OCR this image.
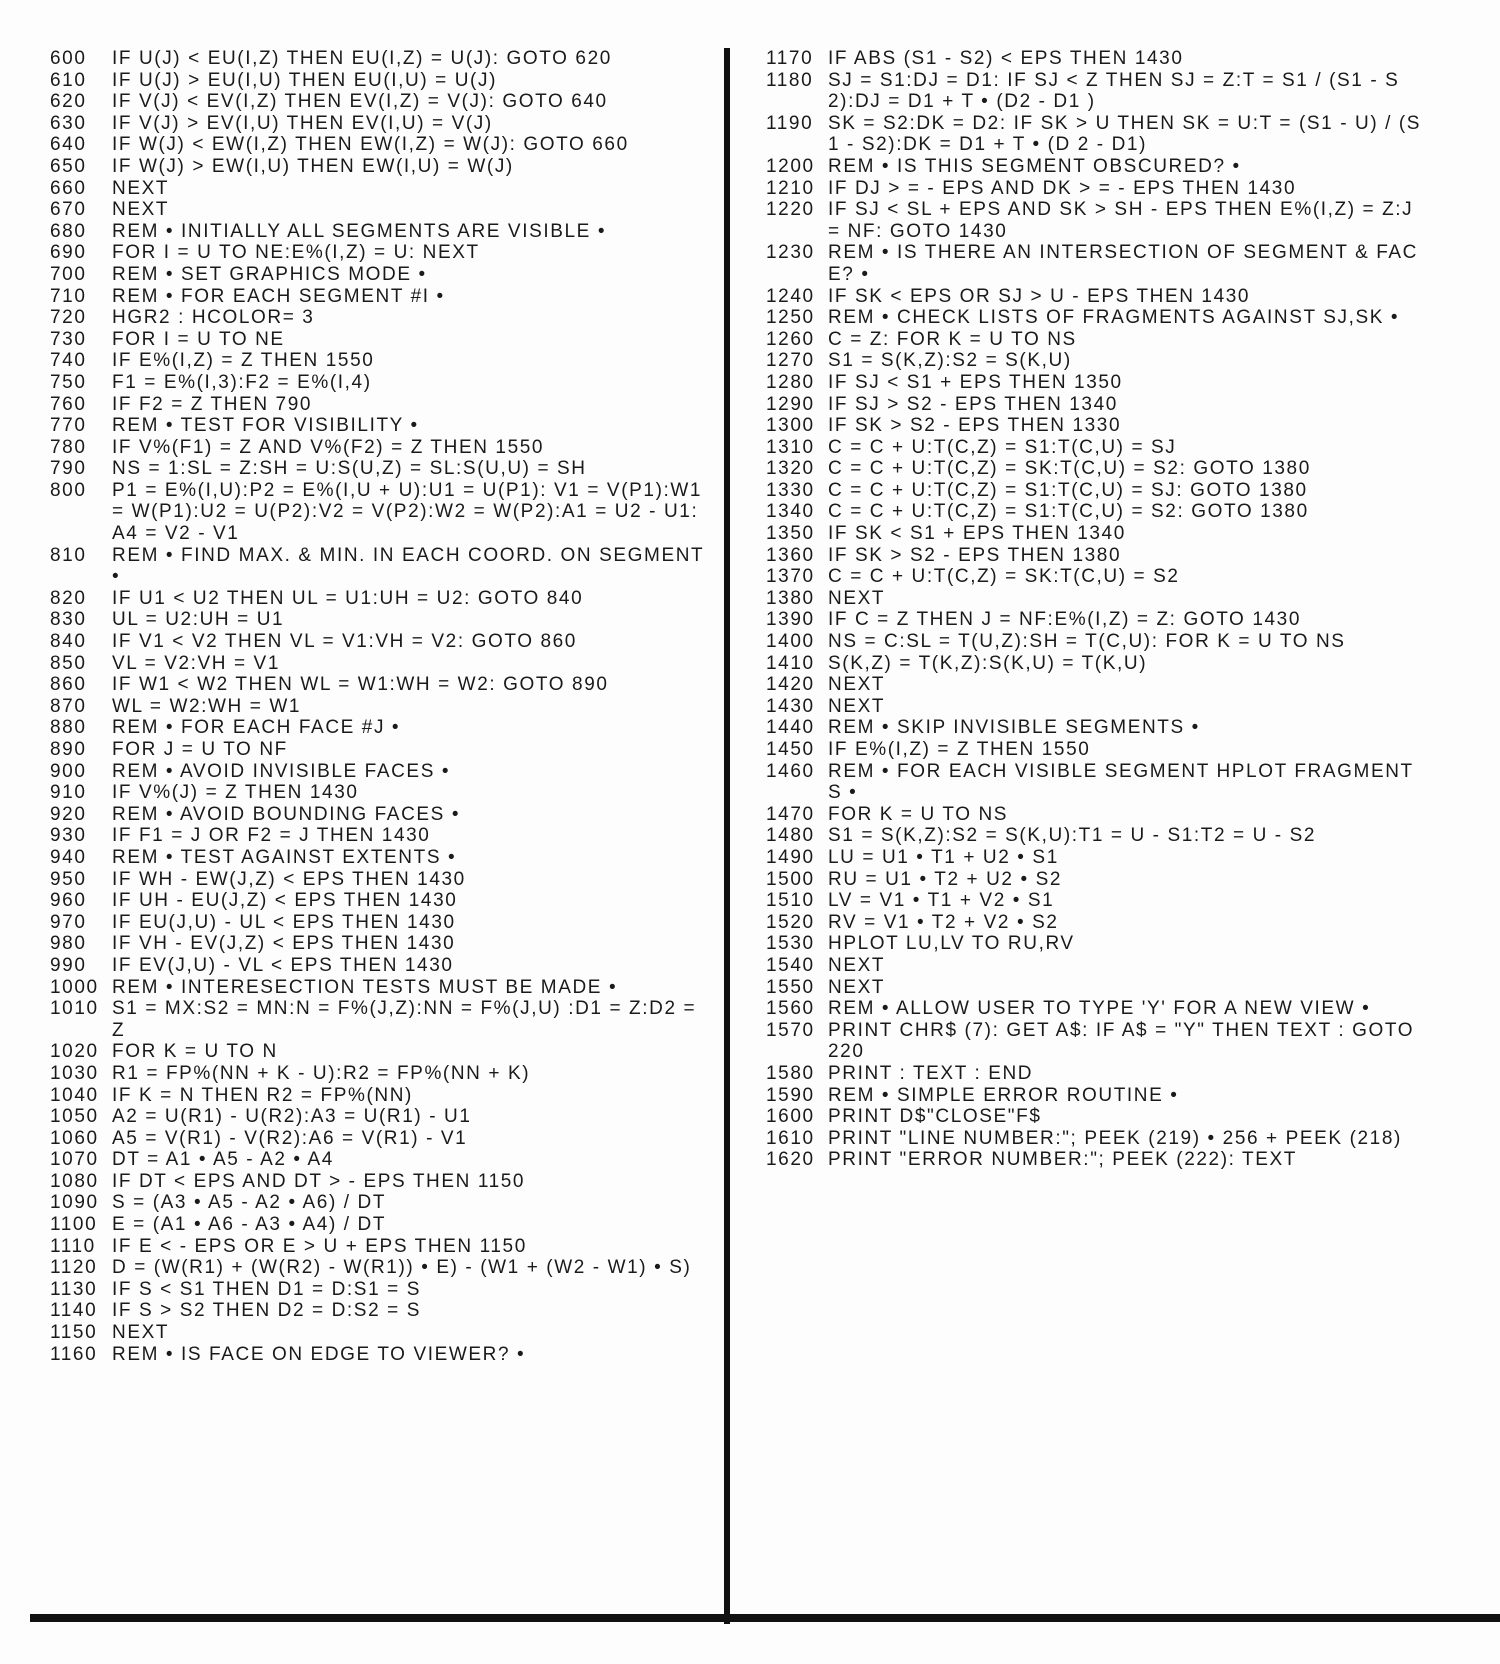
600	IF U(J) < EU(I,Z) THEN EU(I,Z) = U(J): GOTO 620
610	IF U(J) > EU(I,U) THEN EU(I,U) = U(J)
620	IF V(J) < EV(I,Z) THEN EV(I,Z) = V(J): GOTO 640
630	IF V(J) > EV(I,U) THEN EV(I,U) = V(J)
640	IF W(J) < EW(I,Z) THEN EW(I,Z) = W(J): GOTO 660
650	IF W(J) > EW(I,U) THEN EW(I,U) = W(J)
660	NEXT
670	NEXT
680	REM • INITIALLY ALL SEGMENTS ARE VISIBLE •
690	FOR I = U TO NE:E%(I,Z) = U: NEXT
700	REM • SET GRAPHICS MODE •
710	REM • FOR EACH SEGMENT #I •
720	HGR2 : HCOLOR= 3
730	FOR I = U TO NE
740	IF E%(I,Z) = Z THEN 1550
750	F1 = E%(I,3):F2 = E%(I,4)
760	IF F2 = Z THEN 790
770	REM • TEST FOR VISIBILITY •
780	IF V%(F1) = Z AND V%(F2) = Z THEN 1550
790	NS = 1:SL = Z:SH = U:S(U,Z) = SL:S(U,U) = SH
800	P1 = E%(I,U):P2 = E%(I,U + U):U1 = U(P1): V1 = V(P1):W1 = W(P1):U2 = U(P2):V2 = V(P2):W2 = W(P2):A1 = U2 - U1:A4 = V2 - V1
810	REM • FIND MAX. & MIN. IN EACH COORD. ON SEGMENT •
820	IF U1 < U2 THEN UL = U1:UH = U2: GOTO 840
830	UL = U2:UH = U1
840	IF V1 < V2 THEN VL = V1:VH = V2: GOTO 860
850	VL = V2:VH = V1
860	IF W1 < W2 THEN WL = W1:WH = W2: GOTO 890
870	WL = W2:WH = W1
880	REM • FOR EACH FACE #J •
890	FOR J = U TO NF
900	REM • AVOID INVISIBLE FACES •
910	IF V%(J) = Z THEN 1430
920	REM • AVOID BOUNDING FACES •
930	IF F1 = J OR F2 = J THEN 1430
940	REM • TEST AGAINST EXTENTS •
950	IF WH - EW(J,Z) < EPS THEN 1430
960	IF UH - EU(J,Z) < EPS THEN 1430
970	IF EU(J,U) - UL < EPS THEN 1430
980	IF VH - EV(J,Z) < EPS THEN 1430
990	IF EV(J,U) - VL < EPS THEN 1430
1000 REM • INTERESECTION TESTS MUST BE MADE •
1010 S1 = MX:S2 = MN:N = F%(J,Z):NN = F%(J,U) :D1 = Z:D2 = Z
1020 FOR K = U TO N
1030 R1 = FP%(NN + K - U):R2 = FP%(NN + K)
1040 IF K = N THEN R2 = FP%(NN)
1050 A2 = U(R1) - U(R2):A3 = U(R1) - U1
1060 A5 = V(R1) - V(R2):A6 = V(R1) - V1
1070 DT = A1 • A5 - A2 • A4
1080 IF DT < EPS AND DT > - EPS THEN 1150
1090 S = (A3 • A5 - A2 • A6) / DT
1100 E = (A1 • A6 - A3 • A4) / DT
1110 IF E < - EPS OR E > U + EPS THEN 1150
1120 D = (W(R1) + (W(R2) - W(R1)) • E) - (W1 + (W2 - W1) • S)
1130 IF S < S1 THEN D1 = D:S1 = S
1140 IF S > S2 THEN D2 = D:S2 = S
1150 NEXT
1160 REM • IS FACE ON EDGE TO VIEWER? •
1170 IF ABS (S1 - S2) < EPS THEN 1430
1180 SJ = S1:DJ = D1: IF SJ < Z THEN SJ = Z:T = S1 / (S1 - S2):DJ = D1 + T • (D2 - D1 )
1190 SK = S2:DK = D2: IF SK > U THEN SK = U:T = (S1 - U) / (S1 - S2):DK = D1 + T • (D 2 - D1)
1200 REM • IS THIS SEGMENT OBSCURED? •
1210 IF DJ > = - EPS AND DK > = - EPS THEN 1430
1220 IF SJ < SL + EPS AND SK > SH - EPS THEN E%(I,Z) = Z:J = NF: GOTO 1430
1230 REM • IS THERE AN INTERSECTION OF SEGMENT & FACE? •
1240 IF SK < EPS OR SJ > U - EPS THEN 1430
1250 REM • CHECK LISTS OF FRAGMENTS AGAINST SJ,SK •
1260 C = Z: FOR K = U TO NS
1270 S1 = S(K,Z):S2 = S(K,U)
1280 IF SJ < S1 + EPS THEN 1350
1290 IF SJ > S2 - EPS THEN 1340
1300 IF SK > S2 - EPS THEN 1330
1310 C = C + U:T(C,Z) = S1:T(C,U) = SJ
1320 C = C + U:T(C,Z) = SK:T(C,U) = S2: GOTO 1380
1330 C = C + U:T(C,Z) = S1:T(C,U) = SJ: GOTO 1380
1340 C = C + U:T(C,Z) = S1:T(C,U) = S2: GOTO 1380
1350 IF SK < S1 + EPS THEN 1340
1360 IF SK > S2 - EPS THEN 1380
1370 C = C + U:T(C,Z) = SK:T(C,U) = S2
1380 NEXT
1390 IF C = Z THEN J = NF:E%(I,Z) = Z: GOTO 1430
1400 NS = C:SL = T(U,Z):SH = T(C,U): FOR K = U TO NS
1410 S(K,Z) = T(K,Z):S(K,U) = T(K,U)
1420 NEXT
1430 NEXT
1440 REM • SKIP INVISIBLE SEGMENTS •
1450 IF E%(I,Z) = Z THEN 1550
1460 REM • FOR EACH VISIBLE SEGMENT HPLOT FRAGMENTS •
1470 FOR K = U TO NS
1480 S1 = S(K,Z):S2 = S(K,U):T1 = U - S1:T2 = U - S2
1490 LU = U1 • T1 + U2 • S1
1500 RU = U1 • T2 + U2 • S2
1510 LV = V1 • T1 + V2 • S1
1520 RV = V1 • T2 + V2 • S2
1530 HPLOT LU,LV TO RU,RV
1540 NEXT
1550 NEXT
1560 REM • ALLOW USER TO TYPE 'Y' FOR A NEW VIEW •
1570 PRINT CHR$ (7): GET A$: IF A$ = "Y" THEN TEXT : GOTO 220
1580 PRINT : TEXT : END
1590 REM • SIMPLE ERROR ROUTINE •
1600 PRINT D$"CLOSE"F$
1610 PRINT "LINE NUMBER:"; PEEK (219) • 256 + PEEK (218)
1620 PRINT "ERROR NUMBER:"; PEEK (222): TEXT
